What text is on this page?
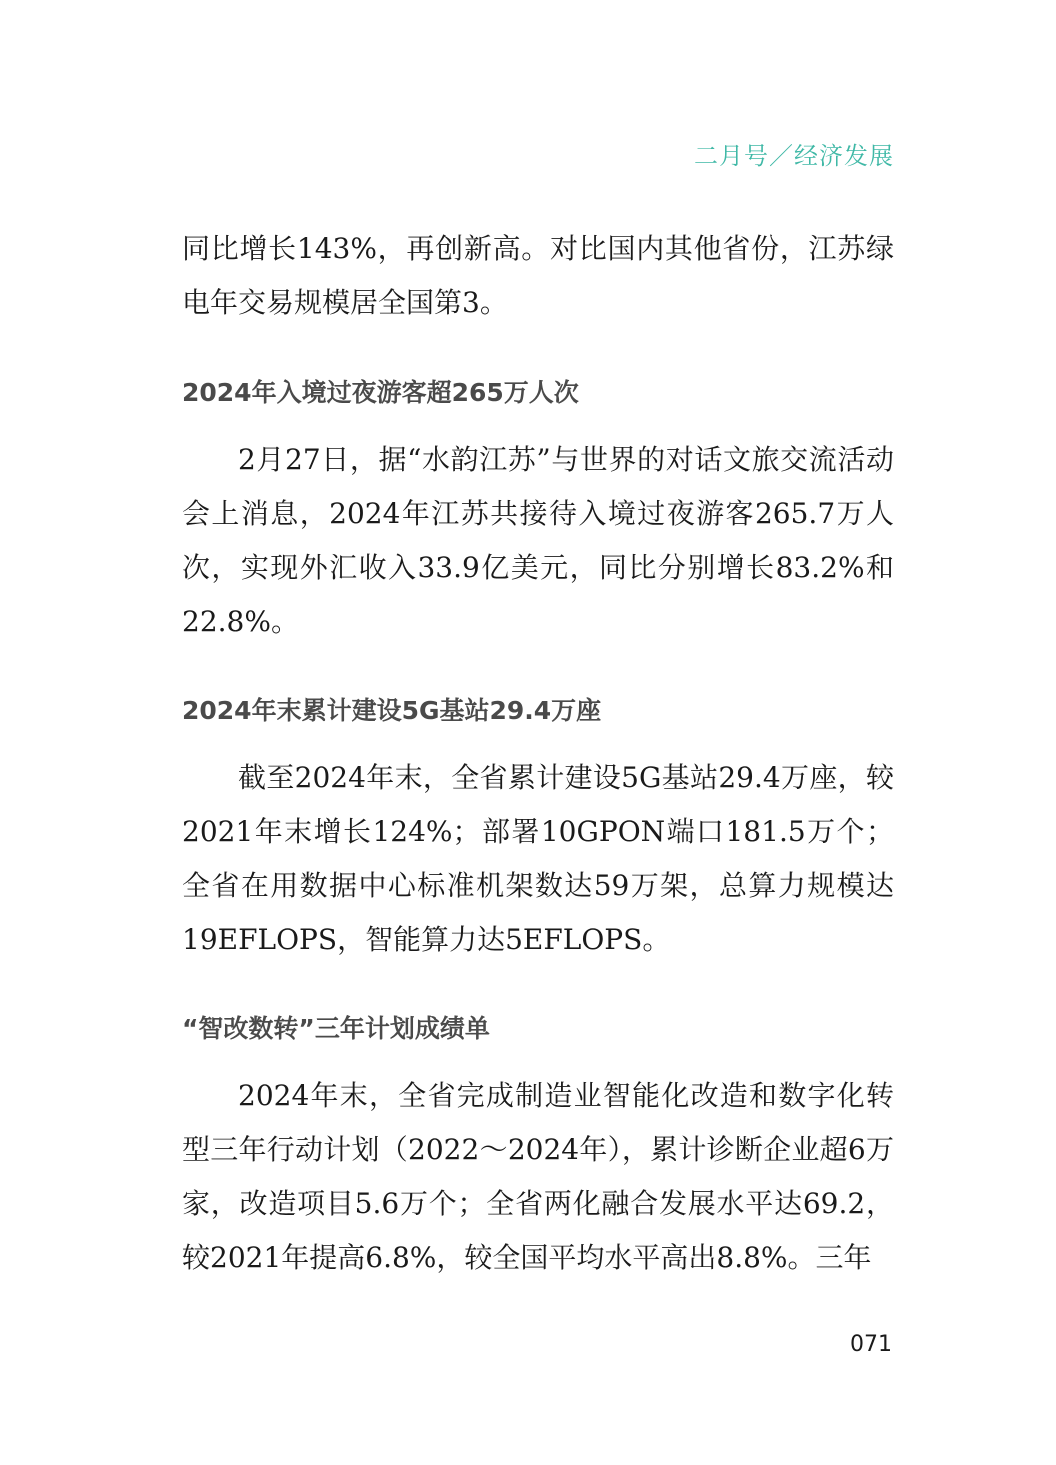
二月号／经济发展

同比增长143%，再创新高。对比国内其他省份，江苏绿电年交易规模居全国第3。

2024年入境过夜游客超265万人次

2月27日，据“水韵江苏”与世界的对话文旅交流活动会上消息，2024年江苏共接待入境过夜游客265.7万人次，实现外汇收入33.9亿美元，同比分别增长83.2%和22.8%。

2024年末累计建设5G基站29.4万座

截至2024年末，全省累计建设5G基站29.4万座，较2021年末增长124%；部署10GPON端口181.5万个；全省在用数据中心标准机架数达59万架，总算力规模达19EFLOPS，智能算力达5EFLOPS。

“智改数转”三年计划成绩单

2024年末，全省完成制造业智能化改造和数字化转型三年行动计划（2022～2024年），累计诊断企业超6万家，改造项目5.6万个；全省两化融合发展水平达69.2，较2021年提高6.8%，较全国平均水平高出8.8%。三年

071
